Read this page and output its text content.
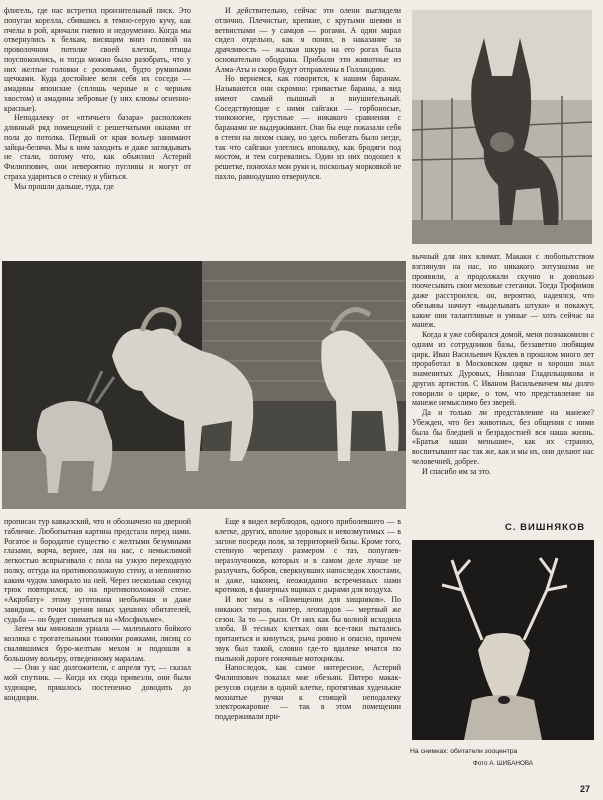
флигель, где нас встретил пронзительный писк. Это попугаи корелла, сбившись в темно-серую кучу, как пчелы в рой, кричали гневно и недоуменно. Когда мы отвернулись к белкам, висящим вниз головой на проволочном потолке своей клетки, птицы поуспокоились, и тогда можно было разобрать, что у них желтые головки с розовыми, будто румяными щечками. Куда достойнее вели себя их соседи — амадины японские (сплошь черные и с черным хвостом) и амадины зебровые (у них клювы огненно-красные).

Неподалеку от «птичьего базара» расположен длинный ряд помещений с решетчатыми окнами от пола до потолка. Первый от края вольер занимают зайцы-белячи. Мы к ним заходить и даже заглядывать не стали, потому что, как объяснил Астерий Филиппович, они невероятно пугливы и могут от страха удариться о стенку и убиться.

Мы прошли дальше, туда, где

И действительно, сейчас эти олени выглядели отлично. Плечистые, крепкие, с крутыми шеями и ветвистыми — у самцов — рогами. А один марал сидел отдельно, как я понял, в наказание за драчливость — жалкая шкура на его рогах была основательно ободрана. Прибыли эти животные из Алма-Аты и скоро будут отправлены в Голландию.

Но вернемся, как говорится, к нашим баранам. Называются они скромно: гривастые бараны, а вид имеют самый пышный и внушительный. Соседствующие с ними сайгаки — горбоносые, тонконогие, грустные — никакого сравнения с баранами не выдерживают. Они бы еще показали себя в степи на лихом скаку, но здесь побегать было негде, так что сайгаки улеглись вповалку, как бродяги под мостом, и тем согревались. Один из них подошел к решетке, понюхал мои руки и, поскольку морковкой не пахло, равнодушно отвернулся.

вычный для них климат. Макаки с любопытством взглянули на нас, но никакого энтузиазма не проявили, а продолжали скучно и довольно поочесывать свои меховые стеганки. Тогда Трофимов даже расстроился, он, вероятно, надеялся, что обезьяны начнут «выделывать штуки» и покажут, какие они талантливые и умные — хоть сейчас на манеж.

Когда я уже собирался домой, меня познакомили с одним из сотрудников базы, беззаветно любящим цирк. Иван Васильевич Куклев в прошлом много лет проработал в Московском цирке и хорошо знал знаменитых Дуровых, Николая Гладильщикова и других артистов. С Иваном Васильевичем мы долго говорили о цирке, о том, что представление на манеже немыслимо без зверей.

Да и только ли представление на манеже? Убежден, что без животных, без общения с ними была бы бледней и безрадостней вся наша жизнь. «Братья наши меньшие», как их странно, воспитывают нас так же, как и мы их, они делают нас человечней, добрее.

И спасибо им за это.

С. ВИШНЯКОВ

прописан тур кавказский, что и обозначено на дверной табличке. Любопытная картина предстала перед нами. Рогатое и бородатое существо с желтыми безумными глазами, ворча, вернее, лая на нас, с немыслимой легкостью вспрыгивало с пола на узкую переходную полку, оттуда на противоположную стену, и непонятно каким чудом замирало на ней. Через несколько секунд трюк повторился, но на противоположной стене. «Акробату» этому уготована необычная и даже завидная, с точки зрения иных здешних обитателей, судьба — он будет сниматься на «Мосфильме».

Затем мы миновали урнала — маленького бойкого козлика с трогательными тонкими рожками, лисиц со свалявшимся буро-желтым мехом и подошли к большому вольеру, отведенному маралам.

— Они у нас долгожители, с апреля тут, — сказал мой спутник. — Когда их сюда привезли, они были худющие, пришлось постепенно доводить до кондиции.

Еще я видел верблюдов, одного приболевшего — в клетке, других, вполне здоровых и невозмутимых — в загоне посреди поля, за территорией базы. Кроме того, степную черепаху размером с таз, попугаев-неразлучников, которых и в самом деле лучше не разлучать, бобров, сверкнувших напоследок хвостами, и даже, наконец, неожиданно встреченных нами кротиков, в фанерных ящиках с дырами для воздуха.

И вот мы в «Помещении для хищников». По никаких тигров, пантер, леопардов — мертвый же сезон. За то — рыси. От них как бы волной исходила злоба. В тесных клетках они все-таки пытались притаиться и кинуться, рыча ровно и опасно, причем звук был такой, словно где-то вдалеке мчатся по пыльной дороге гоночные мотоциклы.

Напоследок, как самое интересное, Астерий Филиппович показал мне обезьян. Пятеро макак-резусов сидели в одной клетке, протягивая худенькие мохнатые ручки к стоящей неподалеку электрожаровне — так в этом помещении поддерживали при-

На снимках: обитатели зооцентра
Фото А. ШИБАНОВА
27
